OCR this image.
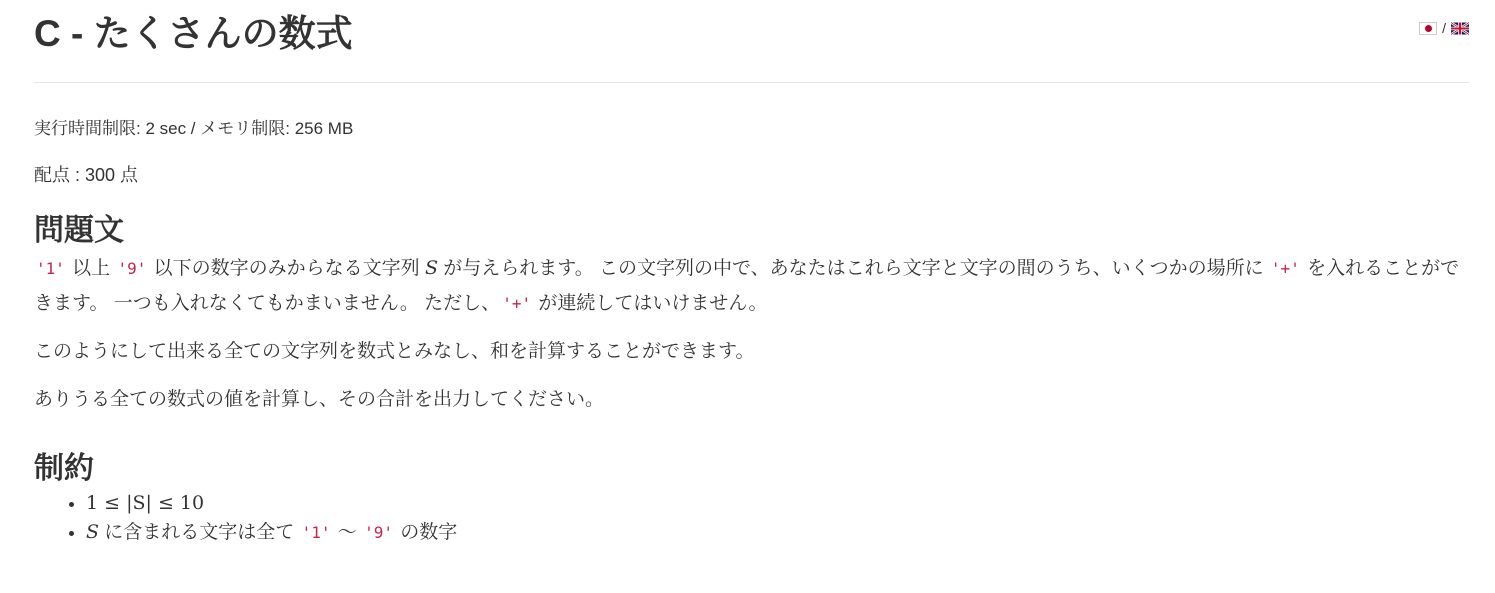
C - たくさんの数式	/

実行時間制限: 2 sec / メモリ制限: 256 MB

配点 : 300 点

問題文

'1' 以上 '9' 以下の数字のみからなる文字列 S が与えられます。 この文字列の中で、あなたはこれら文字と文字の間のうち、いくつかの場所に '+' を入れることができます。 一つも入れなくてもかまいません。 ただし、 '+' が連続してはいけません。

このようにして出来る全ての文字列を数式とみなし、和を計算することができます。

ありうる全ての数式の値を計算し、その合計を出力してください。

制約
• 1 ≤ |S| ≤ 10
• S に含まれる文字は全て '1' ～ '9' の数字
